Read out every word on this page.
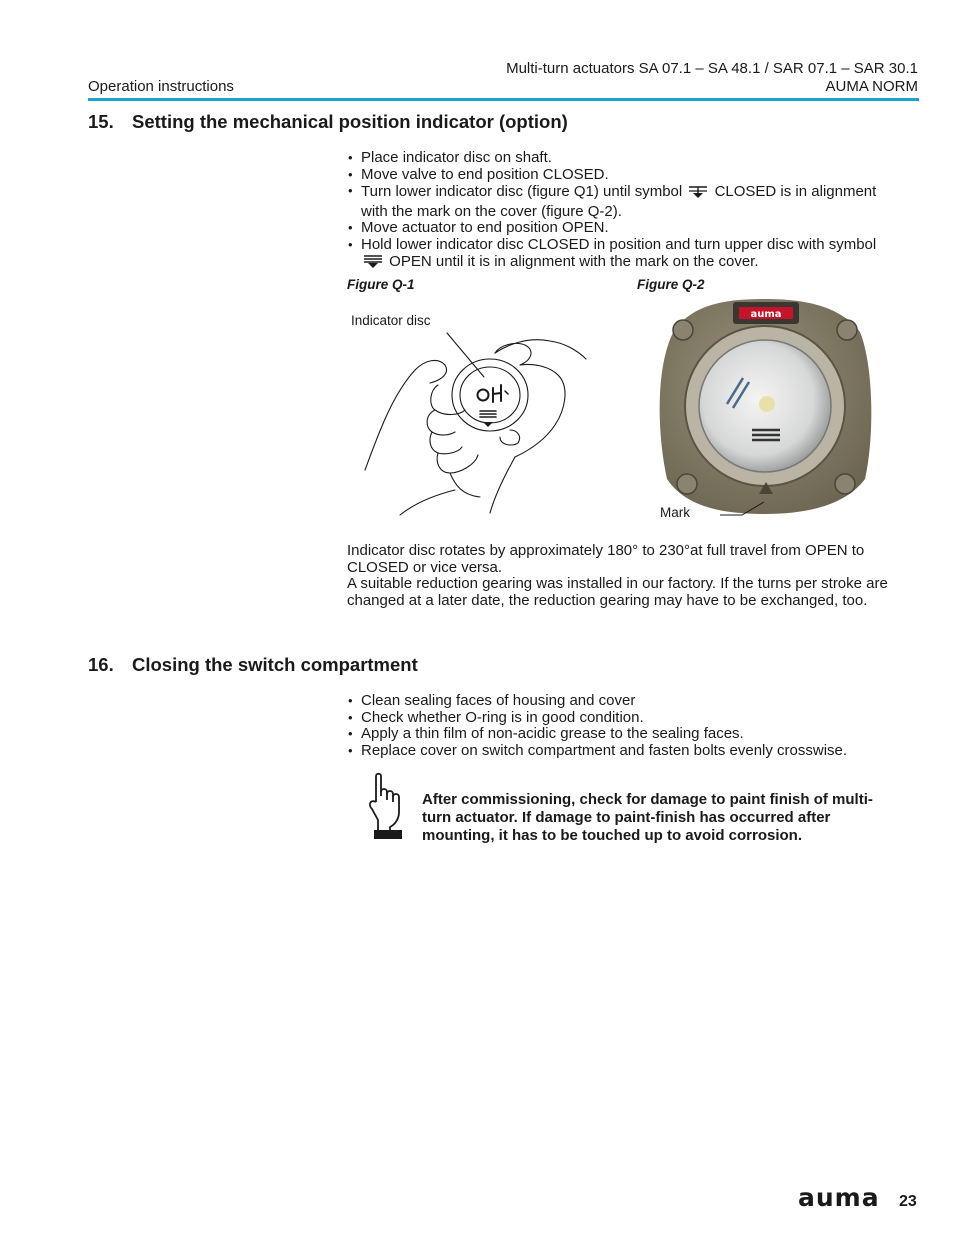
Operation instructions
Multi-turn actuators SA 07.1 – SA 48.1 / SAR 07.1 – SAR 30.1
AUMA NORM
15. Setting the mechanical position indicator (option)
• Place indicator disc on shaft.
• Move valve to end position CLOSED.
• Turn lower indicator disc (figure Q1) until symbol CLOSED is in alignment
with the mark on the cover (figure Q-2).
• Move actuator to end position OPEN.
• Hold lower indicator disc CLOSED in position and turn upper disc with symbol
OPEN until it is in alignment with the mark on the cover.
Figure Q-1	Figure Q-2
Indicator disc	auma
Mark
Indicator disc rotates by approximately 180° to 230°at full travel from OPEN to CLOSED or vice versa.
A suitable reduction gearing was installed in our factory. If the turns per stroke are changed at a later date, the reduction gearing may have to be exchanged, too.
16. Closing the switch compartment
• Clean sealing faces of housing and cover
• Check whether O-ring is in good condition.
• Apply a thin film of non-acidic grease to the sealing faces.
• Replace cover on switch compartment and fasten bolts evenly crosswise.
After commissioning, check for damage to paint finish of multi-turn actuator. If damage to paint-finish has occurred after mounting, it has to be touched up to avoid corrosion.
auma 23
